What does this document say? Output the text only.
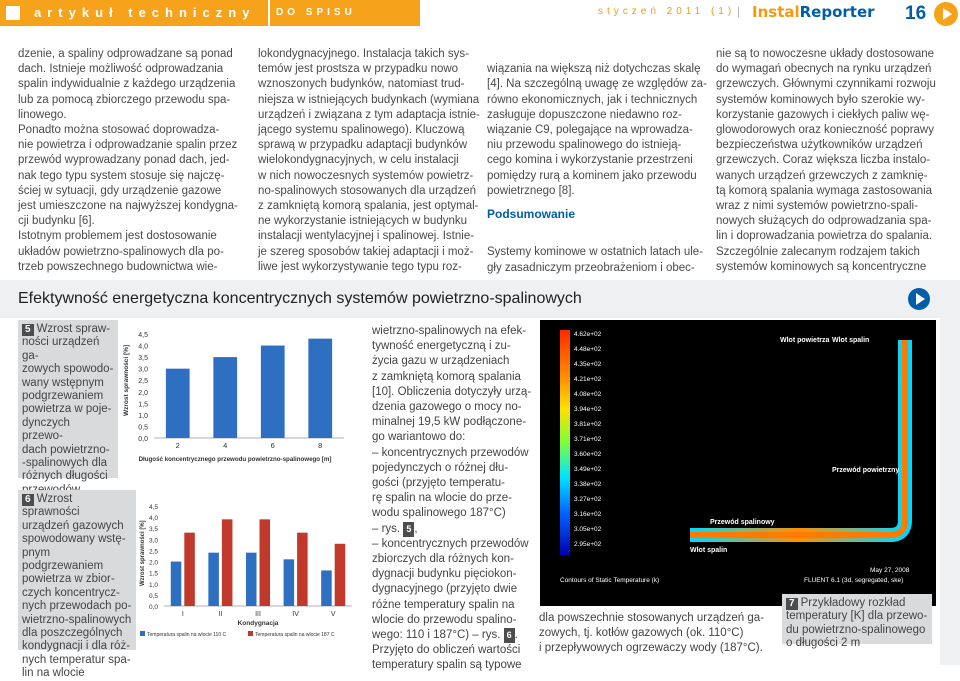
artykuł techniczny	DO SPISU TREŚCI
styczeń 2011 (1) | InstalReporter 16
dzenie, a spaliny odprowadzane są ponad
dach. Istnieje możliwość odprowadzania
spalin indywidualnie z każdego urządzenia
lub za pomocą zbiorczego przewodu spa-
linowego.
Ponadto można stosować doprowadza-
nie powietrza i odprowadzanie spalin przez
przewód wyprowadzany ponad dach, jed-
nak tego typu system stosuje się najczę-
ściej w sytuacji, gdy urządzenie gazowe
jest umieszczone na najwyższej kondygna-
cji budynku [6].
Istotnym problemem jest dostosowanie
układów powietrzno-spalinowych dla po-
trzeb powszechnego budownictwa wie-
lokondygnacyjnego. Instalacja takich sys-
temów jest prostsza w przypadku nowo
wznoszonych budynków, natomiast trud-
niejsza w istniejących budynkach (wymiana
urządzeń i związana z tym adaptacja istnie-
jącego systemu spalinowego). Kluczową
sprawą w przypadku adaptacji budynków
wielokondygnacyjnych, w celu instalacji
w nich nowoczesnych systemów powietrz-
no-spalinowych stosowanych dla urządzeń
z zamkniętą komorą spalania, jest optymal-
ne wykorzystanie istniejących w budynku
instalacji wentylacyjnej i spalinowej. Istnie-
je szereg sposobów takiej adaptacji i moż-
liwe jest wykorzystywanie tego typu roz-

wiązania na większą niż dotychczas skalę
[4]. Na szczególną uwagę ze względów za-
równo ekonomicznych, jak i technicznych
zasługuje dopuszczone niedawno roz-
wiązanie C9, polegające na wprowadza-
niu przewodu spalinowego do istnieją-
cego komina i wykorzystanie przestrzeni
pomiędzy rurą a kominem jako przewodu
powietrznego [8].

Podsumowanie

Systemy kominowe w ostatnich latach ule-
gły zasadniczym przeobrażeniom i obec-

nie są to nowoczesne układy dostosowane
do wymagań obecnych na rynku urządzeń
grzewczych. Głównymi czynnikami rozwoju
systemów kominowych było szerokie wy-
korzystanie gazowych i ciekłych paliw wę-
glowodorowych oraz konieczność poprawy
bezpieczeństwa użytkowników urządzeń
grzewczych. Coraz większa liczba instalo-
wanych urządzeń grzewczych z zamknię-
tą komorą spalania wymaga zastosowania
wraz z nimi systemów powietrzno-spali-
nowych służących do odprowadzania spa-
lin i doprowadzania powietrza do spalania.
Szczególnie zalecanym rodzajem takich
systemów kominowych są koncentryczne
Efektywność energetyczna koncentrycznych systemów powietrzno-spalinowych
5 Wzrost spraw-
ności urządzeń ga-
zowych spowodo-
wany wstępnym
podgrzewaniem
powietrza w poje-
dynczych przewo-
dach powietrzno-
-spalinowych dla
różnych długości

0,0
0,5
1,0
1,5
2,0
2,5
3,0
3,5
4,0
4,5
2	4	6	8
Wzrost sprawności [%]
Długość koncentrycznego przewodu powietrzno-spalinowego [m]
6 Wzrost sprawności
urządzeń gazowych
spowodowany wstę-
pnym podgrzewaniem
powietrza w zbior-
czych koncentrycz-
nych przewodach po-
wietrzno-spalinowych
dla poszczególnych
kondygnacji i dla róż-
nych temperatur spa-
lin na wlocie
0,0
0,5
1,0
1,5
2,0
2,5
3,0
3,5
4,0
4,5
I	II	III	IV	V
Wzrost sprawności [%]
Kondygnacja
Temperatura spalin na wlocie 110 C	Temperatura spalin na wlocie 187 C
wietrzno-spalinowych na efek-
tywność energetyczną i zu-
życia gazu w urządzeniach
z zamkniętą komorą spalania
[10]. Obliczenia dotyczyły urzą-
dzenia gazowego o mocy no-
minalnej 19,5 kW podłączone-
go wariantowo do:
– koncentrycznych przewodów
pojedynczych o różnej dłu-
gości (przyjęto temperatu-
rę spalin na wlocie do prze-
wodu spalinowego 187°C)
– rys. 5 ,
– koncentrycznych przewodów
zbiorczych dla różnych kon-
dygnacji budynku pięciokon-
dygnacyjnego (przyjęto dwie
różne temperatury spalin na
wlocie do przewodu spalino-
wego: 110 i 187°C) – rys. 6 .
Przyjęto do obliczeń wartości
temperatury spalin są typowe
4.62e+02
4.48e+02
4.35e+02
4.21e+02
4.08e+02
3.94e+02
3.81e+02
3.71e+02
3.60e+02
3.49e+02
3.38e+02
3.27e+02
3.16e+02
3.05e+02
2.95e+02
Wlot powietrza Wlot spalin
Przewód powietrzny
Przewód spalinowy
Wlot spalin
Contours of Static Temperature (k)
May 27, 2008
FLUENT 6.1 (3d, segregated, ske)
dla powszechnie stosowanych urządzeń ga-
zowych, tj. kotłów gazowych (ok. 110°C)
i przepływowych ogrzewaczy wody (187°C).
7 Przykładowy rozkład
temperatury [K] dla przewo-
du powietrzno-spalinowego
o długości 2 m
